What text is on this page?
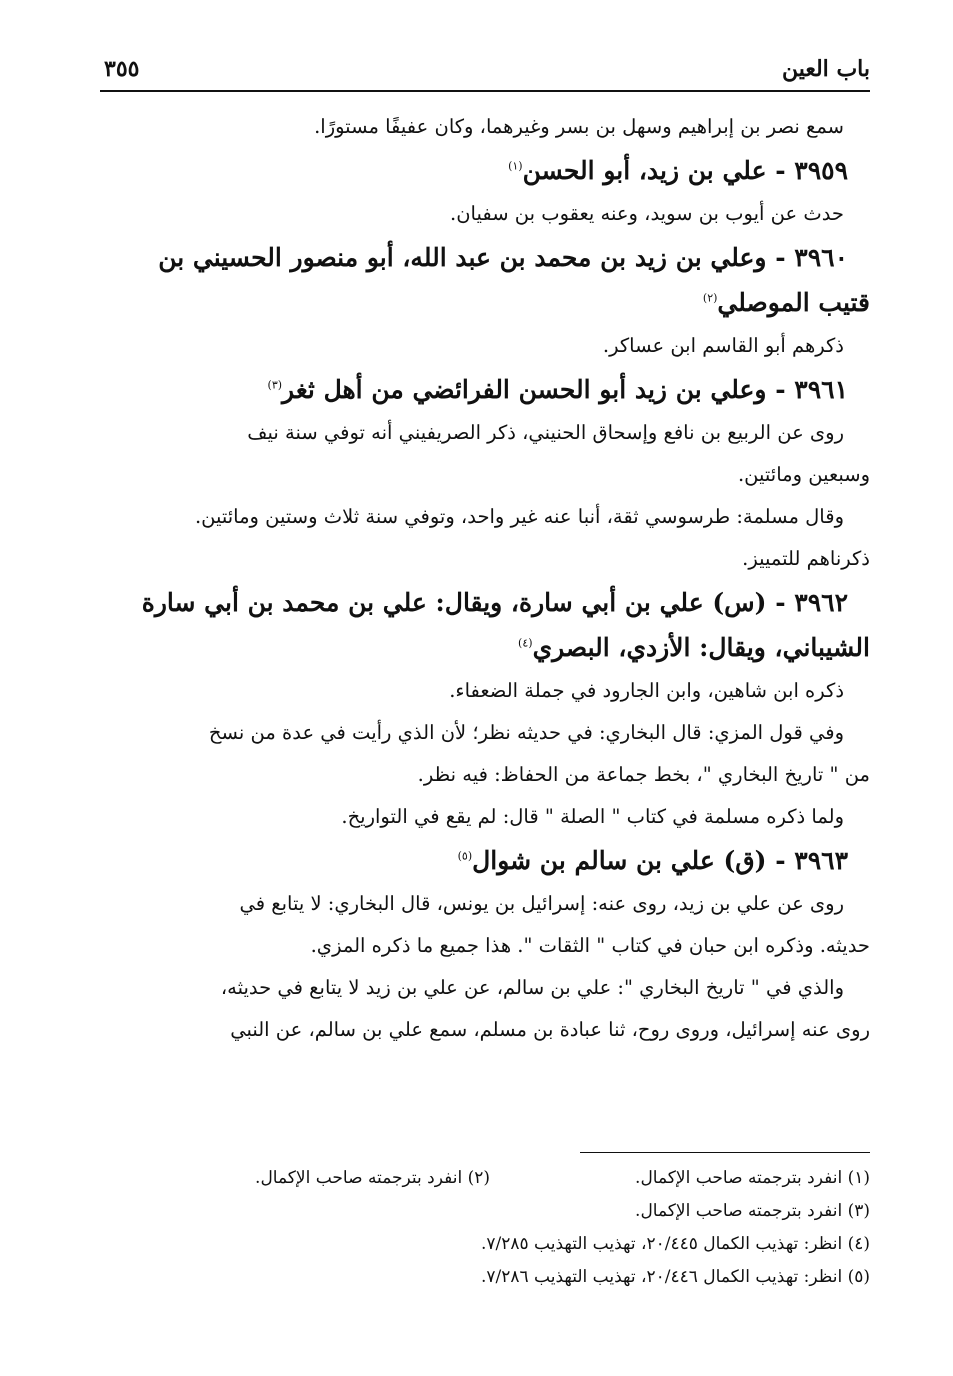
باب العين
٣٥٥

سمع نصر بن إبراهيم وسهل بن بسر وغيرهما، وكان عفيفًا مستورًا.

٣٩٥٩ - علي بن زيد، أبو الحسن$^{(١)}$

حدث عن أيوب بن سويد، وعنه يعقوب بن سفيان.

٣٩٦٠ - وعلي بن زيد بن محمد بن عبد الله، أبو منصور الحسيني بن
قتيب الموصلي$^{(٢)}$

ذكرهم أبو القاسم ابن عساكر.

٣٩٦١ - وعلي بن زيد أبو الحسن الفرائضي من أهل ثغر$^{(٣)}$

روى عن الربيع بن نافع وإسحاق الحنيني، ذكر الصريفيني أنه توفي سنة نيف

وسبعين ومائتين.

وقال مسلمة: طرسوسي ثقة، أنبا عنه غير واحد، وتوفي سنة ثلاث وستين ومائتين.

ذكرناهم للتمييز.

٣٩٦٢ - (س) علي بن أبي سارة، ويقال: علي بن محمد بن أبي سارة
الشيباني، ويقال: الأزدي، البصري$^{(٤)}$

ذكره ابن شاهين، وابن الجارود في جملة الضعفاء.

وفي قول المزي: قال البخاري: في حديثه نظر؛ لأن الذي رأيت في عدة من نسخ

من " تاريخ البخاري "، بخط جماعة من الحفاظ: فيه نظر.

ولما ذكره مسلمة في كتاب " الصلة " قال: لم يقع في التواريخ.

٣٩٦٣ - (ق) علي بن سالم بن شوال$^{(٥)}$

روى عن علي بن زيد، روى عنه: إسرائيل بن يونس، قال البخاري: لا يتابع في

حديثه. وذكره ابن حبان في كتاب " الثقات ". هذا جميع ما ذكره المزي.

والذي في " تاريخ البخاري ": علي بن سالم، عن علي بن زيد لا يتابع في حديثه،

روى عنه إسرائيل، وروى روح، ثنا عبادة بن مسلم، سمع علي بن سالم، عن النبي

(١) انفرد بترجمته صاحب الإكمال.

(٢) انفرد بترجمته صاحب الإكمال.

(٣) انفرد بترجمته صاحب الإكمال.

(٤) انظر: تهذيب الكمال ٢٠/٤٤٥، تهذيب التهذيب ٧/٢٨٥.

(٥) انظر: تهذيب الكمال ٢٠/٤٤٦، تهذيب التهذيب ٧/٢٨٦.
